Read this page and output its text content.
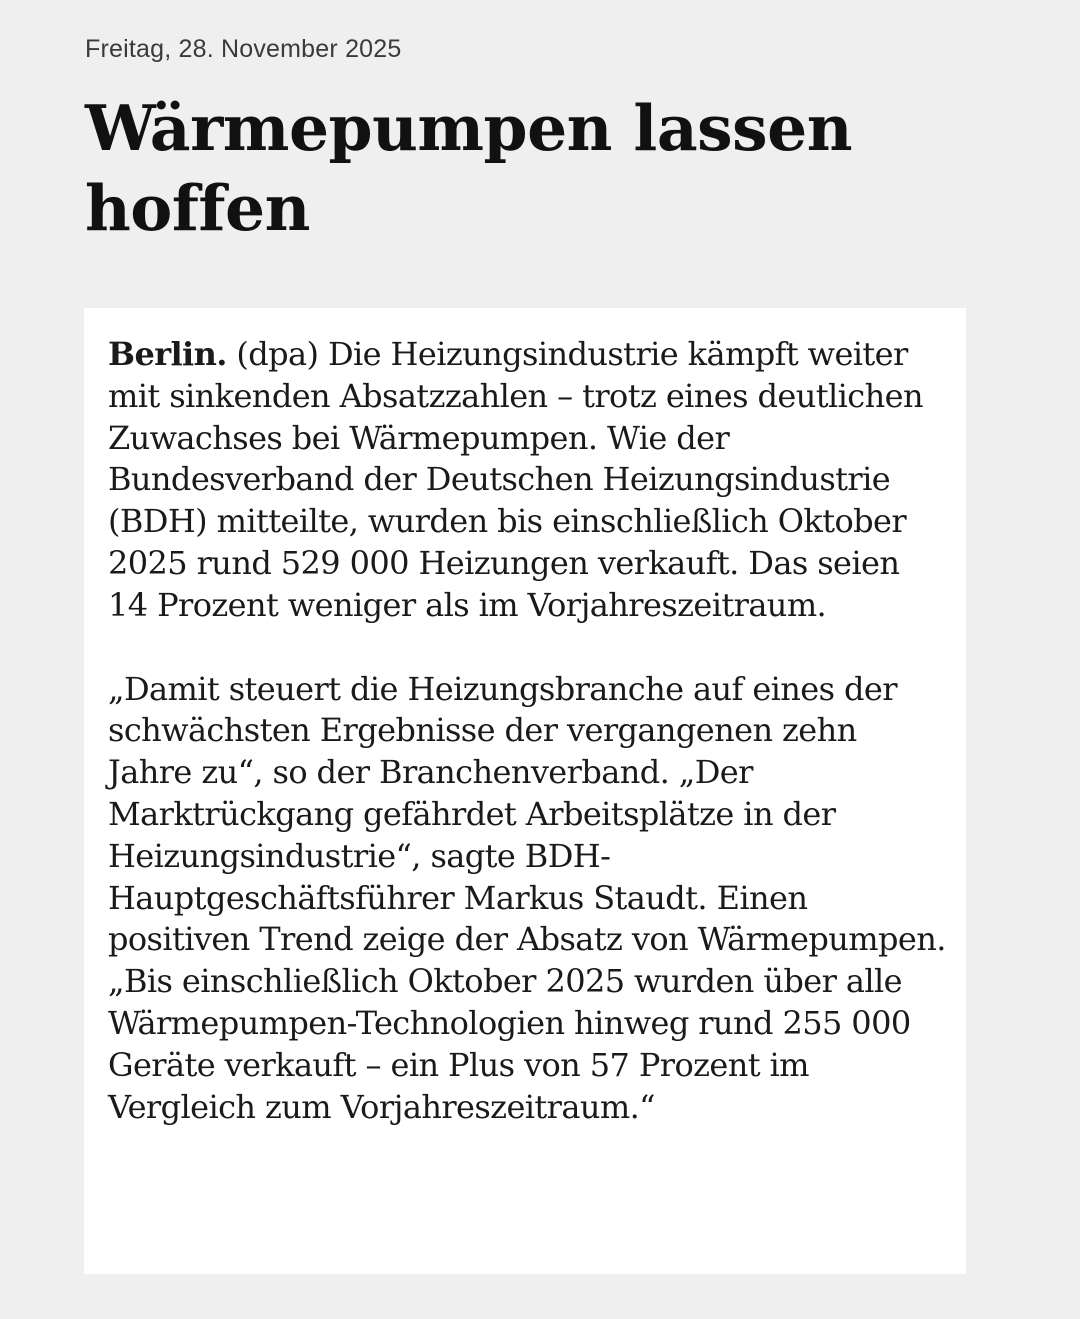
Freitag, 28. November 2025
Wärmepumpen lassen hoffen

Berlin. (dpa) Die Heizungsindustrie kämpft weiter mit sinkenden Absatzzahlen – trotz eines deutlichen Zuwachses bei Wärmepumpen. Wie der Bundesverband der Deutschen Heizungsindustrie (BDH) mitteilte, wurden bis einschließlich Oktober 2025 rund 529 000 Heizungen verkauft. Das seien 14 Prozent weniger als im Vorjahreszeitraum.

„Damit steuert die Heizungsbranche auf eines der schwächsten Ergebnisse der vergangenen zehn Jahre zu“, so der Branchenverband. „Der Marktrückgang gefährdet Arbeitsplätze in der Heizungsindustrie“, sagte BDH-Hauptgeschäftsführer Markus Staudt. Einen positiven Trend zeige der Absatz von Wärmepumpen. „Bis einschließlich Oktober 2025 wurden über alle Wärmepumpen-Technologien hinweg rund 255 000 Geräte verkauft – ein Plus von 57 Prozent im Vergleich zum Vorjahreszeitraum.“
